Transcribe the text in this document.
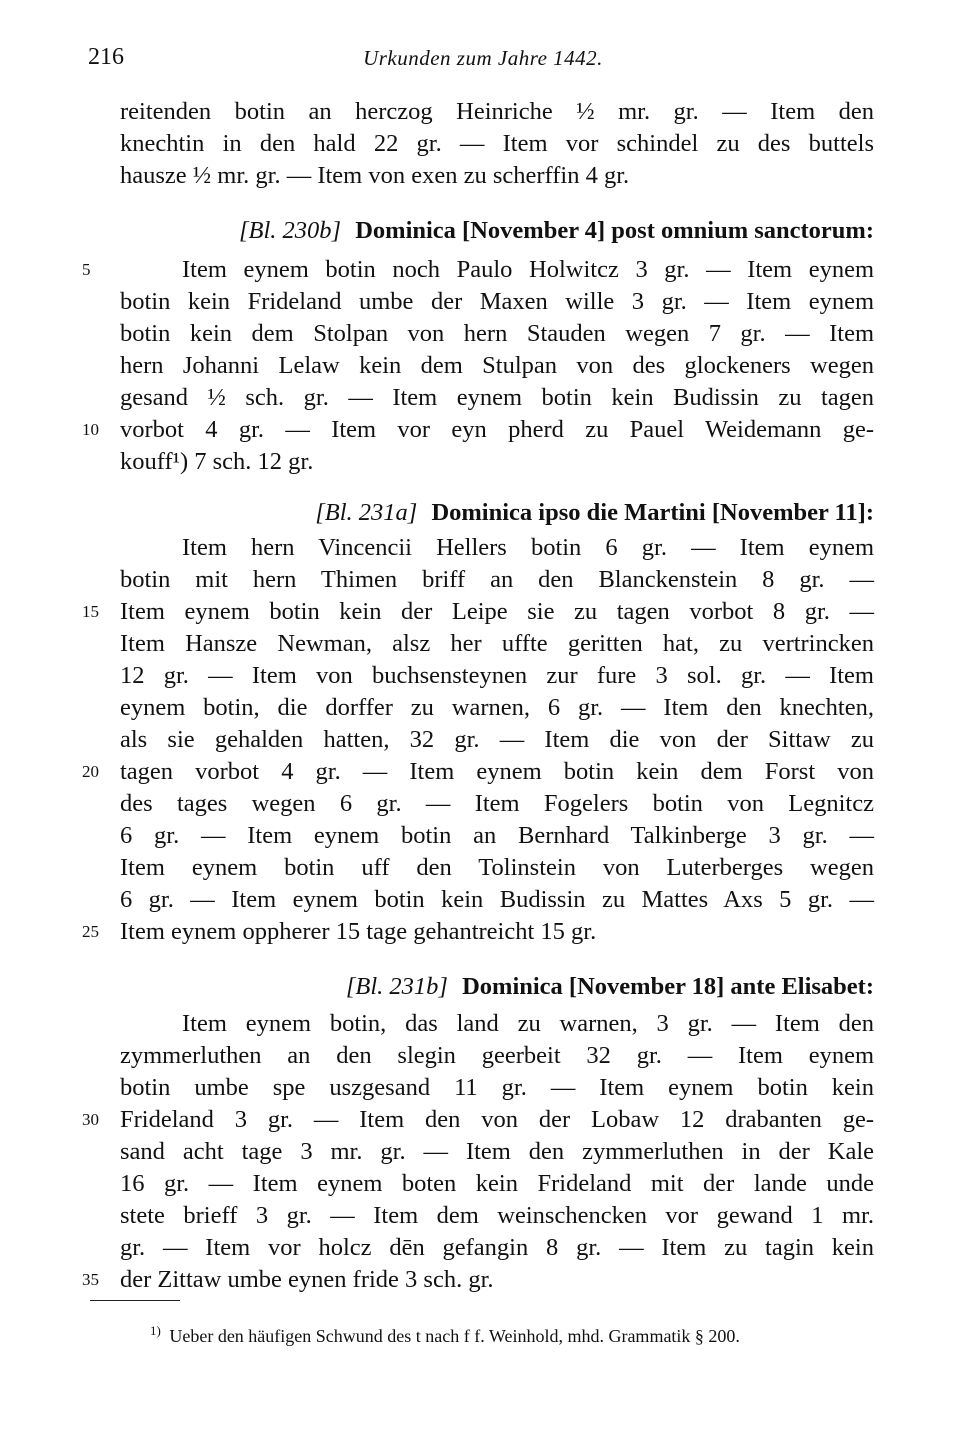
216	Urkunden zum Jahre 1442.
reitenden botin an herczog Heinriche ½ mr. gr. — Item den
knechtin in den hald 22 gr. — Item vor schindel zu des buttels
hausze ½ mr. gr. — Item von exen zu scherffin 4 gr.
[Bl. 230b] Dominica [November 4] post omnium sanctorum:
Item eynem botin noch Paulo Holwitcz 3 gr. — Item eynem
botin kein Frideland umbe der Maxen wille 3 gr. — Item eynem
botin kein dem Stolpan von hern Stauden wegen 7 gr. — Item
hern Johanni Lelaw kein dem Stulpan von des glockeners wegen
gesand ½ sch. gr. — Item eynem botin kein Budissin zu tagen
vorbot 4 gr. — Item vor eyn pherd zu Pauel Weidemann ge-
kouff¹) 7 sch. 12 gr.
[Bl. 231a] Dominica ipso die Martini [November 11]:
Item hern Vincencii Hellers botin 6 gr. — Item eynem
botin mit hern Thimen briff an den Blanckenstein 8 gr. —
Item eynem botin kein der Leipe sie zu tagen vorbot 8 gr. —
Item Hansze Newman, alsz her uffte geritten hat, zu vertrincken
12 gr. — Item von buchsensteynen zur fure 3 sol. gr. — Item
eynem botin, die dorffer zu warnen, 6 gr. — Item den knechten,
als sie gehalden hatten, 32 gr. — Item die von der Sittaw zu
tagen vorbot 4 gr. — Item eynem botin kein dem Forst von
des tages wegen 6 gr. — Item Fogelers botin von Legnitcz
6 gr. — Item eynem botin an Bernhard Talkinberge 3 gr. —
Item eynem botin uff den Tolinstein von Luterberges wegen
6 gr. — Item eynem botin kein Budissin zu Mattes Axs 5 gr. —
Item eynem oppherer 15 tage gehantreicht 15 gr.
[Bl. 231b] Dominica [November 18] ante Elisabet:
Item eynem botin, das land zu warnen, 3 gr. — Item den
zymmerluthen an den slegin geerbeit 32 gr. — Item eynem
botin umbe spe uszgesand 11 gr. — Item eynem botin kein
Frideland 3 gr. — Item den von der Lobaw 12 drabanten ge-
sand acht tage 3 mr. gr. — Item den zymmerluthen in der Kale
16 gr. — Item eynem boten kein Frideland mit der lande unde
stete brieff 3 gr. — Item dem weinschencken vor gewand 1 mr.
gr. — Item vor holcz dēn gefangin 8 gr. — Item zu tagin kein
der Zittaw umbe eynen fride 3 sch. gr.
5
10
15
20
25
30
35
$^{1)}$ Ueber den häufigen Schwund des t nach f f. Weinhold, mhd. Grammatik § 200.
